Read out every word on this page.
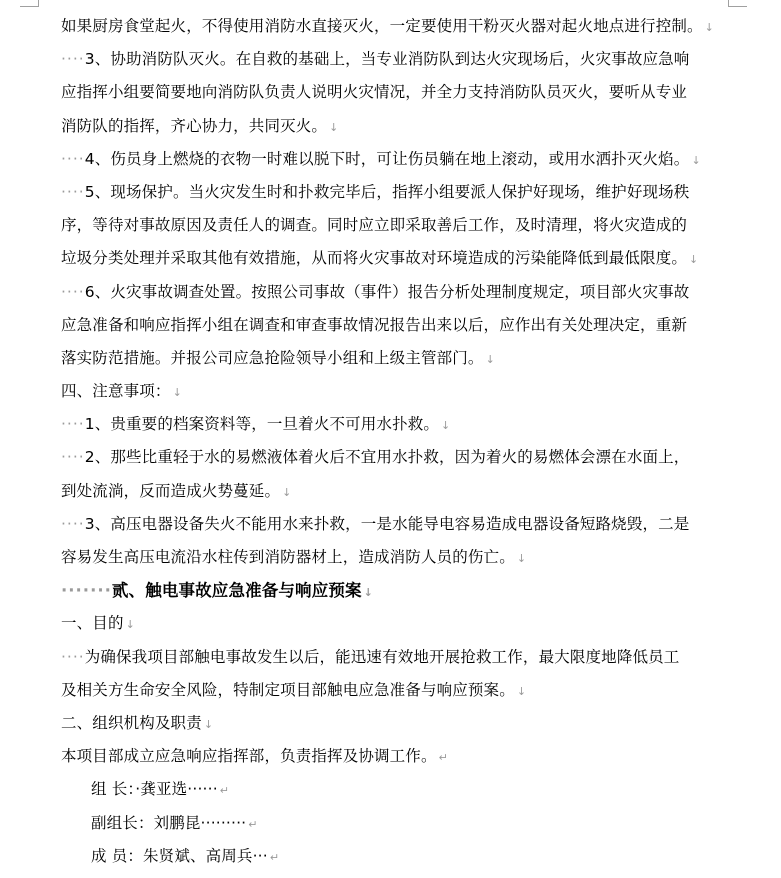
如果厨房食堂起火，不得使用消防水直接灭火，一定要使用干粉灭火器对起火地点进行控制。 ↓
····3、协助消防队灭火。在自救的基础上，当专业消防队到达火灾现场后，火灾事故应急响
应指挥小组要简要地向消防队负责人说明火灾情况，并全力支持消防队员灭火，要听从专业
消防队的指挥，齐心协力，共同灭火。 ↓
····4、伤员身上燃烧的衣物一时难以脱下时，可让伤员躺在地上滚动，或用水洒扑灭火焰。 ↓
····5、现场保护。当火灾发生时和扑救完毕后，指挥小组要派人保护好现场，维护好现场秩
序，等待对事故原因及责任人的调查。同时应立即采取善后工作，及时清理，将火灾造成的
垃圾分类处理并采取其他有效措施，从而将火灾事故对环境造成的污染能降低到最低限度。 ↓
····6、火灾事故调查处置。按照公司事故（事件）报告分析处理制度规定，项目部火灾事故
应急准备和响应指挥小组在调查和审查事故情况报告出来以后，应作出有关处理决定，重新
落实防范措施。并报公司应急抢险领导小组和上级主管部门。 ↓
四、注意事项： ↓
····1、贵重要的档案资料等，一旦着火不可用水扑救。 ↓
····2、那些比重轻于水的易燃液体着火后不宜用水扑救，因为着火的易燃体会漂在水面上，
到处流淌，反而造成火势蔓延。 ↓
····3、高压电器设备失火不能用水来扑救，一是水能导电容易造成电器设备短路烧毁，二是
容易发生高压电流沿水柱传到消防器材上，造成消防人员的伤亡。 ↓
·······贰、触电事故应急准备与响应预案 ↓
一、目的 ↓
····为确保我项目部触电事故发生以后，能迅速有效地开展抢救工作，最大限度地降低员工
及相关方生命安全风险，特制定项目部触电应急准备与响应预案。 ↓
二、组织机构及职责 ↓
本项目部成立应急响应指挥部，负责指挥及协调工作。 ↵
组 长：·龚亚选······ ↵
副组长：刘鹏昆········· ↵
成 员：朱贤斌、高周兵··· ↵
